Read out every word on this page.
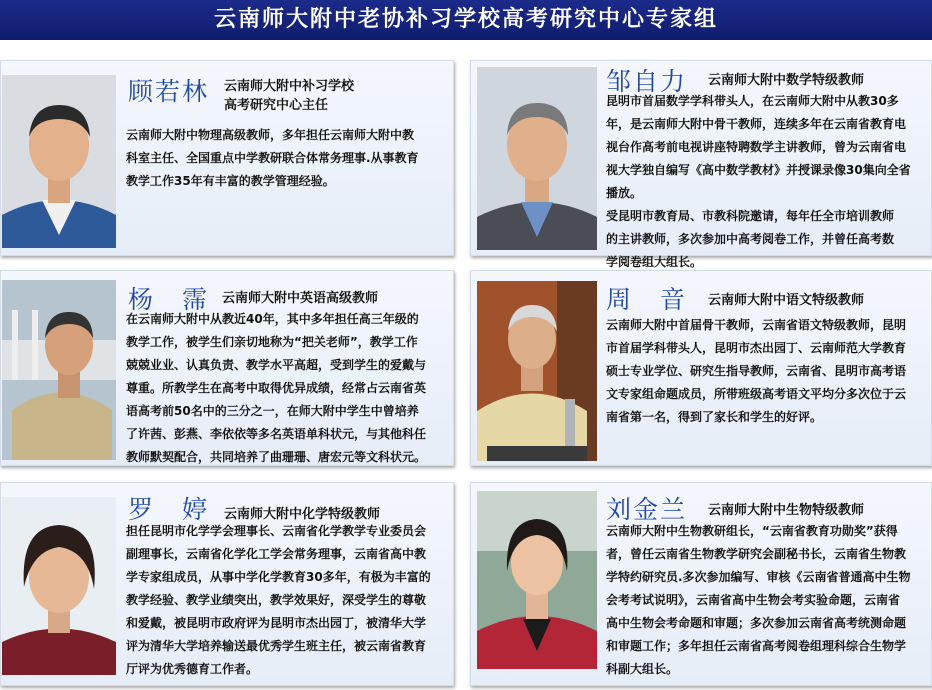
云南师大附中老协补习学校高考研究中心专家组
顾若林 云南师大附中补习学校
高考研究中心主任
云南师大附中物理高级教师，多年担任云南师大附中教
科室主任、全国重点中学教研联合体常务理事.从事教育
教学工作35年有丰富的教学管理经验。
邹自力 云南师大附中数学特级教师
昆明市首届数学学科带头人，在云南师大附中从教30多
年，是云南师大附中骨干教师，连续多年在云南省教育电
视台作高考前电视讲座特聘数学主讲教师，曾为云南省电
视大学独自编写《高中数学教材》并授课录像30集向全省
播放。
受昆明市教育局、市教科院邀请，每年任全市培训教师
的主讲教师，多次参加中高考阅卷工作，并曾任高考数
学阅卷组大组长。
杨　霈 云南师大附中英语高级教师
在云南师大附中从教近40年，其中多年担任高三年级的
教学工作，被学生们亲切地称为“把关老师”，教学工作
兢兢业业、认真负责、教学水平高超，受到学生的爱戴与
尊重。所教学生在高考中取得优异成绩，经常占云南省英
语高考前50名中的三分之一，在师大附中学生中曾培养
了许茜、彭燕、李依依等多名英语单科状元，与其他科任
教师默契配合，共同培养了曲珊珊、唐宏元等文科状元。
周　音 云南师大附中语文特级教师
云南师大附中首届骨干教师，云南省语文特级教师，昆明
市首届学科带头人，昆明市杰出园丁、云南师范大学教育
硕士专业学位、研究生指导教师，云南省、昆明市高考语
文专家组命题成员，所带班级高考语文平均分多次位于云
南省第一名，得到了家长和学生的好评。
罗　婷 云南师大附中化学特级教师
担任昆明市化学学会理事长、云南省化学教学专业委员会
副理事长，云南省化学化工学会常务理事，云南省高中教
学专家组成员，从事中学化学教育30多年，有极为丰富的
教学经验、教学业绩突出，教学效果好，深受学生的尊敬
和爱戴，被昆明市政府评为昆明市杰出园丁，被清华大学
评为清华大学培养输送最优秀学生班主任，被云南省教育
厅评为优秀德育工作者。
刘金兰 云南师大附中生物特级教师
云南师大附中生物教研组长，“云南省教育功勋奖”获得
者，曾任云南省生物教学研究会副秘书长，云南省生物教
学特约研究员.多次参加编写、审核《云南省普通高中生物
会考考试说明》，云南省高中生物会考实验命题，云南省
高中生物会考命题和审题；多次参加云南省高考统测命题
和审题工作；多年担任云南省高考阅卷组理科综合生物学
科副大组长。
